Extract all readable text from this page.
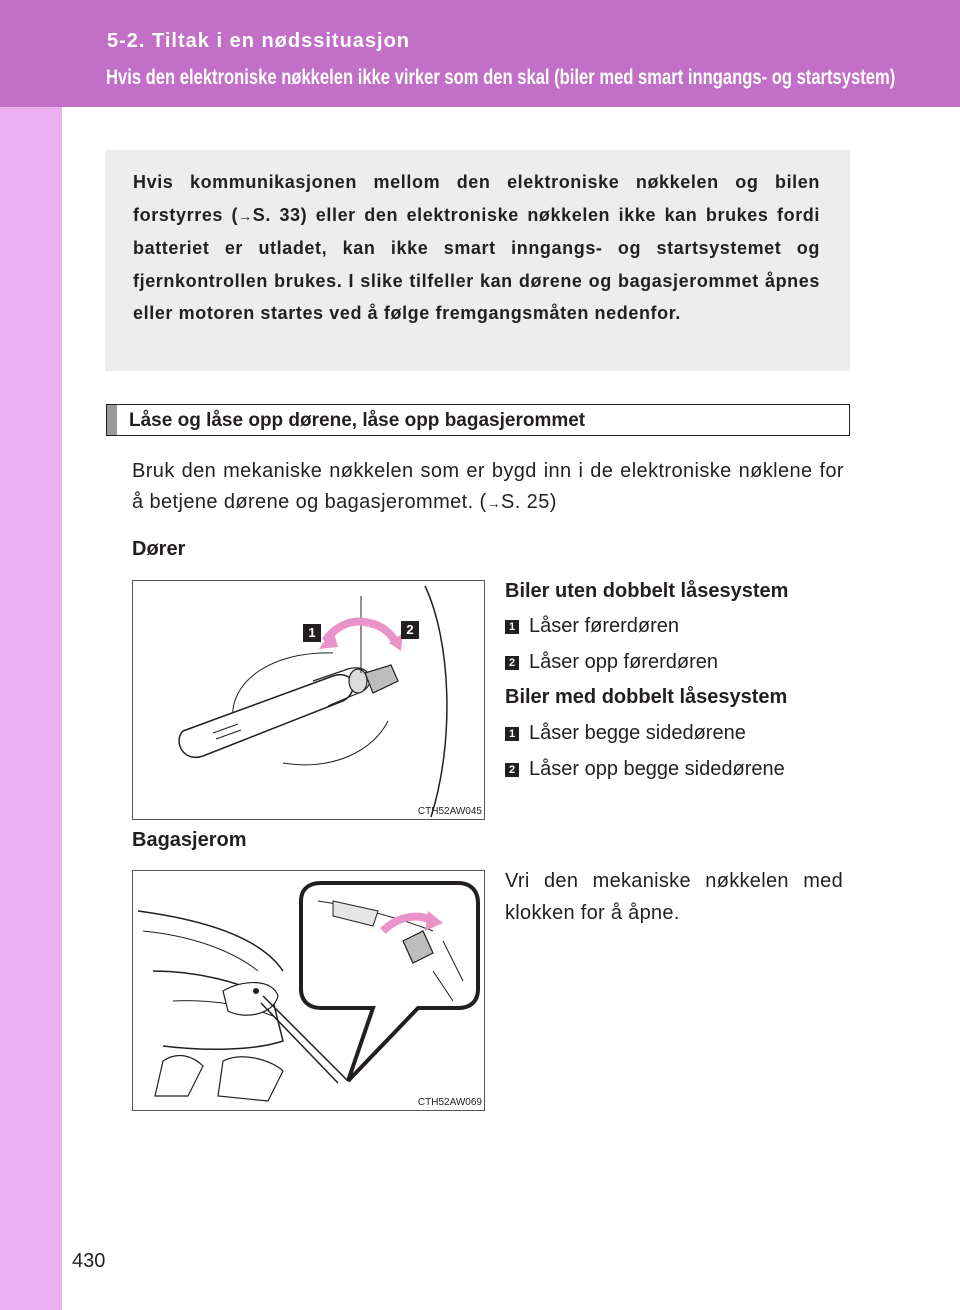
5-2. Tiltak i en nødssituasjon
Hvis den elektroniske nøkkelen ikke virker som den skal (biler med smart inngangs- og startsystem)
Hvis kommunikasjonen mellom den elektroniske nøkkelen og bilen forstyrres (→S. 33) eller den elektroniske nøkkelen ikke kan brukes fordi batteriet er utladet, kan ikke smart inngangs- og startsystemet og fjernkontrollen brukes. I slike tilfeller kan dørene og bagasjerommet åpnes eller motoren startes ved å følge fremgangsmåten nedenfor.
Låse og låse opp dørene, låse opp bagasjerommet
Bruk den mekaniske nøkkelen som er bygd inn i de elektroniske nøklene for å betjene dørene og bagasjerommet. (→S. 25)
Dører
1	2
CTH52AW045
Biler uten dobbelt låsesystem
1 Låser førerdøren
2 Låser opp førerdøren
Biler med dobbelt låsesystem
1 Låser begge sidedørene
2 Låser opp begge sidedørene
Bagasjerom
CTH52AW069
Vri den mekaniske nøkkelen med klokken for å åpne.
430
